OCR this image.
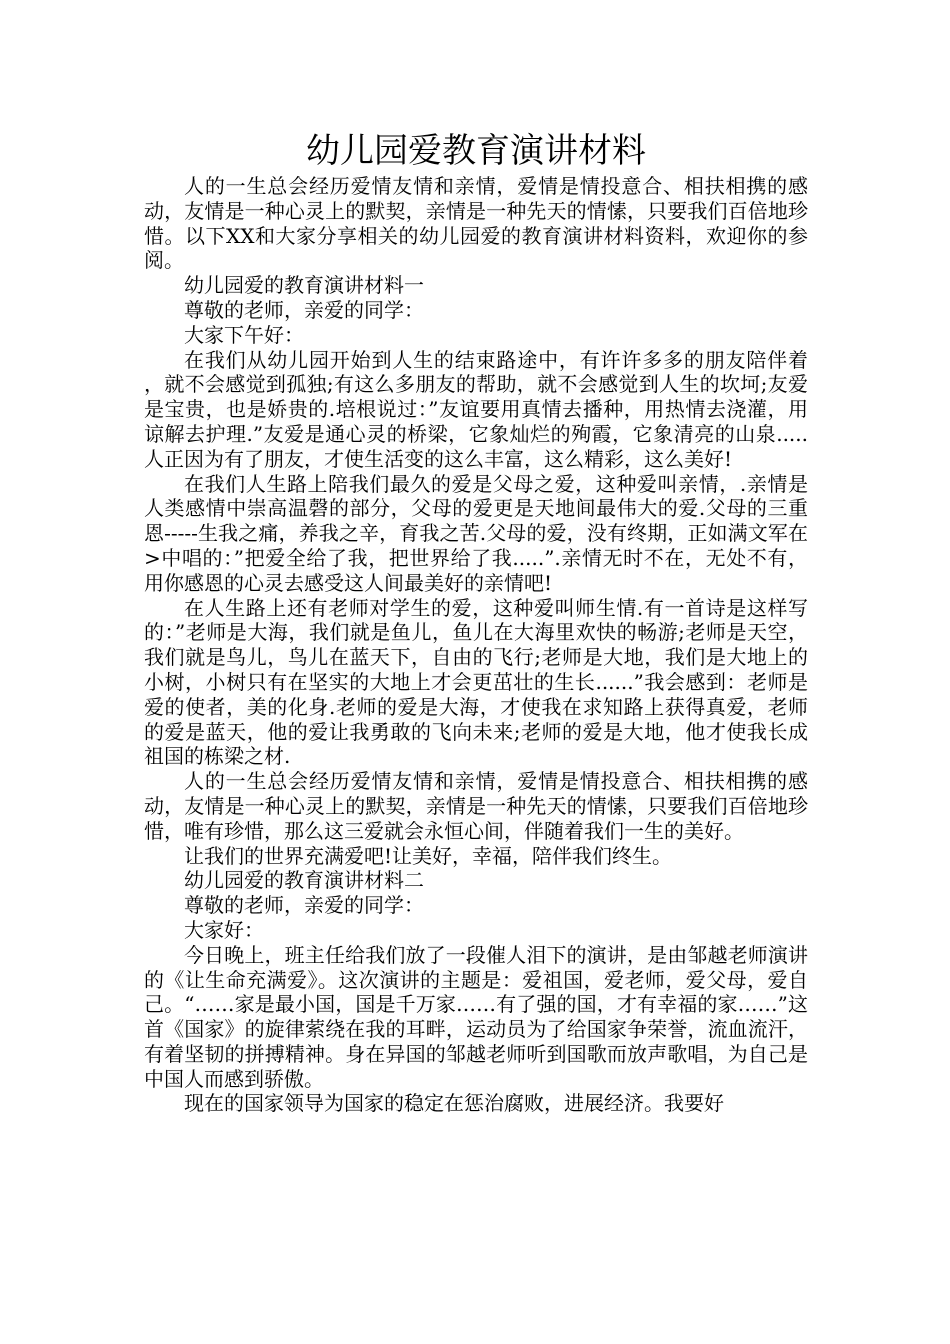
幼儿园爱教育演讲材料

人的一生总会经历爱情友情和亲情，爱情是情投意合、相扶相携的感动，友情是一种心灵上的默契，亲情是一种先天的情愫，只要我们百倍地珍惜。以下XX和大家分享相关的幼儿园爱的教育演讲材料资料，欢迎你的参阅。

幼儿园爱的教育演讲材料一

尊敬的老师，亲爱的同学：

大家下午好：

在我们从幼儿园开始到人生的结束路途中，有许许多多的朋友陪伴着 ，就不会感觉到孤独;有这么多朋友的帮助，就不会感觉到人生的坎坷;友爱是宝贵，也是娇贵的.培根说过：”友谊要用真情去播种，用热情去浇灌，用谅解去护理.”友爱是通心灵的桥梁，它象灿烂的殉霞，它象清亮的山泉.....人正因为有了朋友，才使生活变的这么丰富，这么精彩，这么美好!

在我们人生路上陪我们最久的爱是父母之爱，这种爱叫亲情，.亲情是人类感情中崇高温磬的部分，父母的爱更是天地间最伟大的爱.父母的三重恩-----生我之痛，养我之辛，育我之苦.父母的爱，没有终期，正如满文军在>中唱的：”把爱全给了我，把世界给了我.....”.亲情无时不在，无处不有，用你感恩的心灵去感受这人间最美好的亲情吧!

在人生路上还有老师对学生的爱，这种爱叫师生情.有一首诗是这样写的：”老师是大海，我们就是鱼儿，鱼儿在大海里欢快的畅游;老师是天空，我们就是鸟儿，鸟儿在蓝天下，自由的飞行;老师是大地，我们是大地上的小树，小树只有在坚实的大地上才会更茁壮的生长......”我会感到：老师是爱的使者，美的化身.老师的爱是大海，才使我在求知路上获得真爱，老师的爱是蓝天，他的爱让我勇敢的飞向未来;老师的爱是大地，他才使我长成祖国的栋梁之材.

人的一生总会经历爱情友情和亲情，爱情是情投意合、相扶相携的感动，友情是一种心灵上的默契，亲情是一种先天的情愫，只要我们百倍地珍惜，唯有珍惜，那么这三爱就会永恒心间，伴随着我们一生的美好。

让我们的世界充满爱吧!让美好，幸福，陪伴我们终生。

幼儿园爱的教育演讲材料二

尊敬的老师，亲爱的同学：

大家好：

今日晚上，班主任给我们放了一段催人泪下的演讲，是由邹越老师演讲的《让生命充满爱》。这次演讲的主题是：爱祖国，爱老师，爱父母，爱自己。“……家是最小国，国是千万家……有了强的国，才有幸福的家……”这首《国家》的旋律萦绕在我的耳畔，运动员为了给国家争荣誉，流血流汗，有着坚韧的拼搏精神。身在异国的邹越老师听到国歌而放声歌唱，为自己是中国人而感到骄傲。

现在的国家领导为国家的稳定在惩治腐败，进展经济。我要好
